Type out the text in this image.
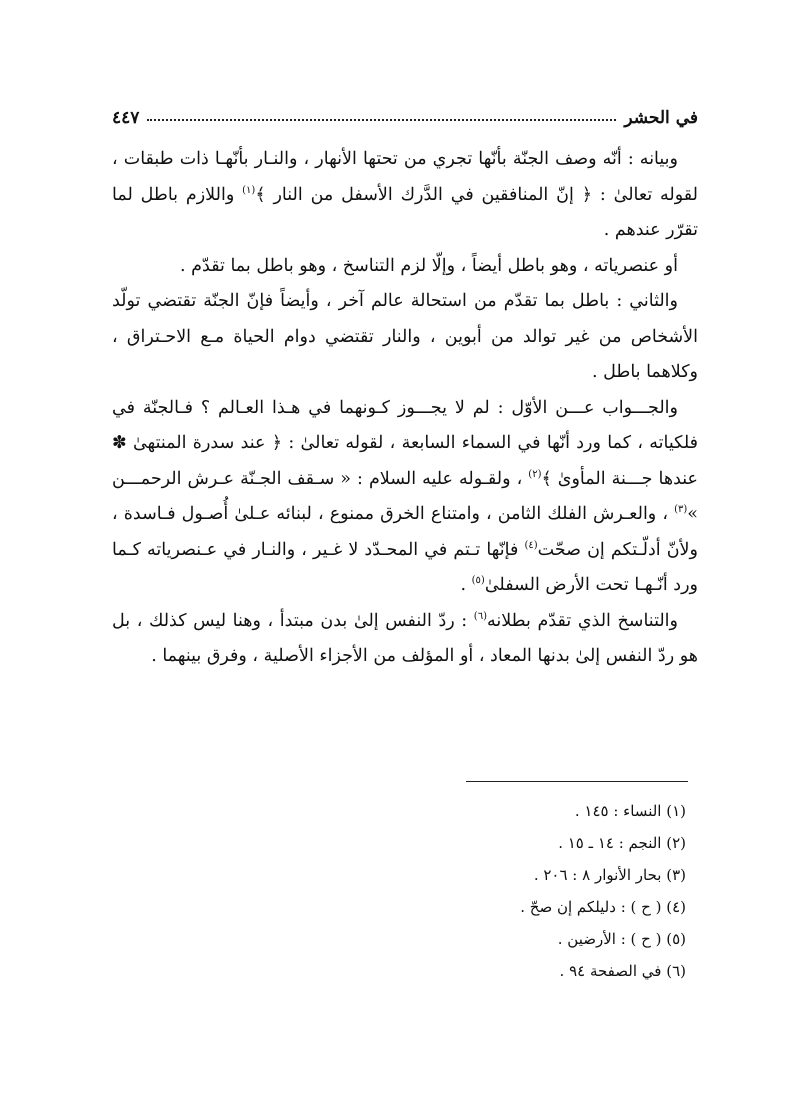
في الحشر
٤٤٧

وبيانه : أنّه وصف الجنّة بأنّها تجري من تحتها الأنهار ، والنـار بأنّهـا ذات طبقات ، لقوله تعالىٰ : ﴿ إنّ المنافقين في الدَّرك الأسفل من النار ﴾$^{(١)}$ واللازم باطل لما تقرّر عندهم .

أو عنصرياته ، وهو باطل أيضاً ، وإلّا لزم التناسخ ، وهو باطل بما تقدّم .

والثاني : باطل بما تقدّم من استحالة عالم آخر ، وأيضاً فإنّ الجنّة تقتضي تولّد الأشخاص من غير توالد من أبوين ، والنار تقتضي دوام الحياة مـع الاحـتراق ، وكلاهما باطل .

والجـــواب عـــن الأوّل : لم لا يجـــوز كـونهما في هـذا العـالم ؟ فـالجنّة في فلكياته ، كما ورد أنّها في السماء السابعة ، لقوله تعالىٰ : ﴿ عند سدرة المنتهىٰ ✽ عندها جـــنة المأوىٰ ﴾$^{(٢)}$ ، ولقـوله عليه السلام : « سـقف الجـنّة عـرش الرحمـــن »$^{(٣)}$ ، والعـرش الفلك الثامن ، وامتناع الخرق ممنوع ، لبنائه عـلىٰ أُصـول فـاسدة ، ولأنّ أدلّـتكم إن صحّت$^{(٤)}$ فإنّها تـتم في المحـدّد لا غـير ، والنـار في عـنصرياته كـما ورد أنّـهـا تحت الأرض السفلىٰ$^{(٥)}$ .

والتناسخ الذي تقدّم بطلانه$^{(٦)}$ : ردّ النفس إلىٰ بدن مبتدأ ، وهنا ليس كذلك ، بل هو ردّ النفس إلىٰ بدنها المعاد ، أو المؤلف من الأجزاء الأصلية ، وفرق بينهما .

(١) النساء : ١٤٥ .
(٢) النجم : ١٤ ـ ١٥ .
(٣) بحار الأنوار ٨ : ٢٠٦ .
(٤) ( ح ) : دليلكم إن صحّ .
(٥) ( ح ) : الأرضين .
(٦) في الصفحة ٩٤ .
